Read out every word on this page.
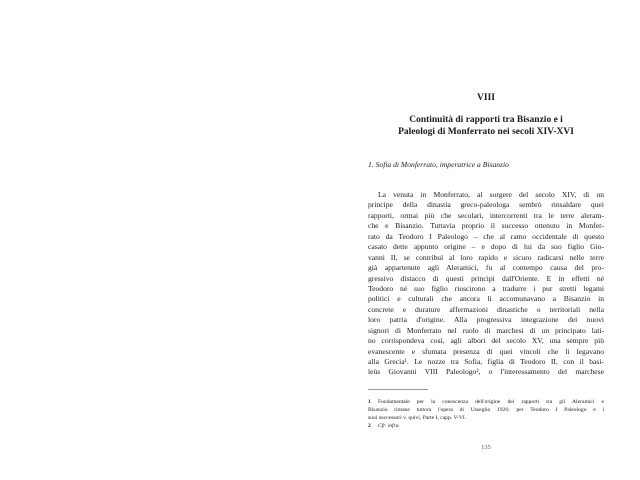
VIII
Continuità di rapporti tra Bisanzio e i
Paleologi di Monferrato nei secoli XIV-XVI
1. Sofia di Monferrato, imperatrice a Bisanzio
La venuta in Monferrato, al sorgere del secolo XIV, di un
principe della dinastia greco-paleologa sembrò rinsaldare quei
rapporti, ormai più che secolari, intercorrenti tra le terre aleram-
che e Bisanzio. Tuttavia proprio il successo ottenuto in Monfer-
rato da Teodoro I Paleologo – che al ramo occidentale di questo
casato dette appunto origine – e dopo di lui da suo figlio Gio-
vanni II, se contribuì al loro rapido e sicuro radicarsi nelle terre
già appartenute agli Aleramici, fu al contempo causa del pro-
gressivo distacco di questi principi dall'Oriente. E in effetti né
Teodoro né suo figlio riuscirono a tradurre i pur stretti legami
politici e culturali che ancora li accomunavano a Bisanzio in
concrete e durature affermazioni dinastiche o territoriali nella
loro patria d'origine. Alla progressiva integrazione dei nuovi
signori di Monferrato nel ruolo di marchesi di un principato lati-
no corrispondeva così, agli albori del secolo XV, una sempre più
evanescente e sfumata presenza di quei vincoli che li legavano
alla Grecia¹. Le nozze tra Sofia, figlia di Teodoro II, con il basi-
leùs Giovanni VIII Paleologo², o l'interessamento del marchese
1 Fondamentale per la conoscenza dell'origine dei rapporti tra gli Aleramici e
Bisanzio rimane tuttora l'opera di Usseglio 1926; per Teodoro I Paleologo e i
suoi successori v. quivi, Parte I, capp. V-VI.
2 Cfr. infra.
135
